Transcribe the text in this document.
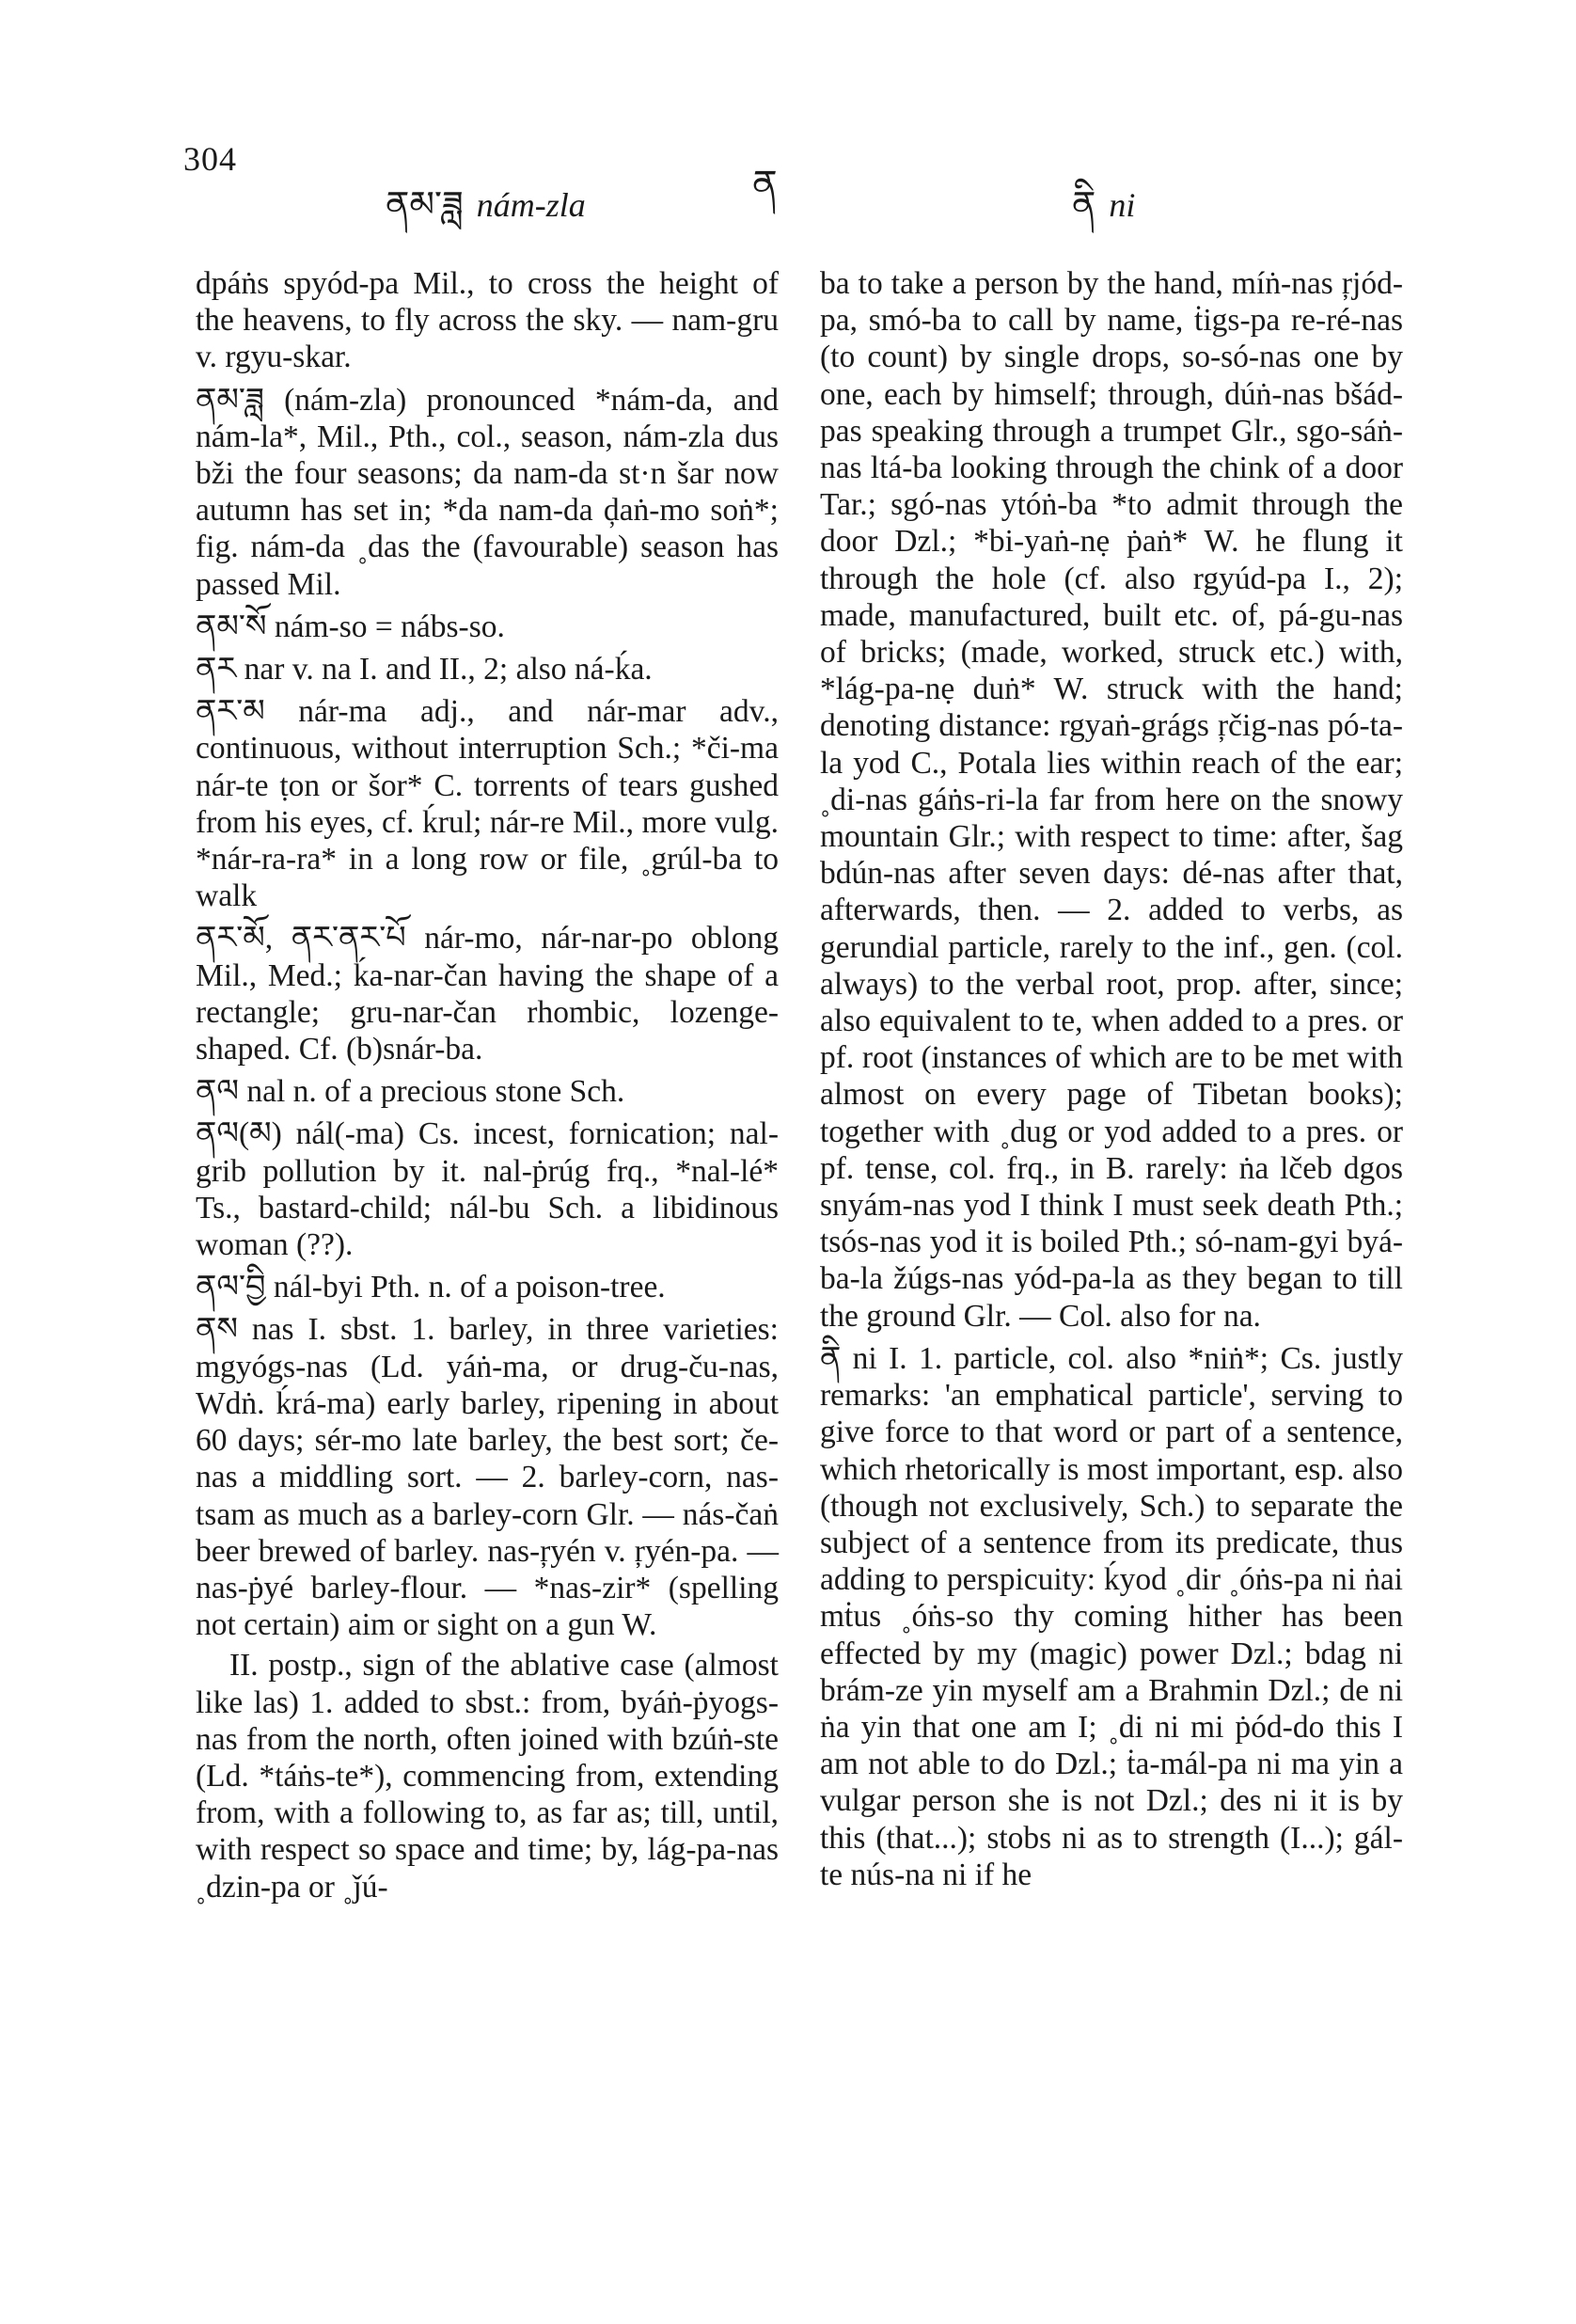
304
ནམ་ཟླ nám-zla	ན	ནི ni

dpáṅs spyód-pa Mil., to cross the height of the heavens, to fly across the sky. — nam-gru v. rgyu-skar.

ནམ་ཟླ (nám-zla) pronounced *nám-da, and nám-la*, Mil., Pth., col., season, nám-zla dus bži the four seasons; da nam-da st·n šar now autumn has set in; *da nam-da ḑaṅ-mo soṅ*; fig. nám-da ˳das the (favourable) season has passed Mil.

ནམ་སོ nám-so = nábs-so.

ནར nar v. na I. and II., 2; also ná-ḱa.

ནར་མ nár-ma adj., and nár-mar adv., continuous, without interruption Sch.; *či-ma nár-te ṭon or šor* C. torrents of tears gushed from his eyes, cf. ḱrul; nár-re Mil., more vulg. *nár-ra-ra* in a long row or file, ˳grúl-ba to walk

ནར་མོ, ནར་ནར་པོ nár-mo, nár-nar-po oblong Mil., Med.; ḱa-nar-čan having the shape of a rectangle; gru-nar-čan rhombic, lozenge-shaped. Cf. (b)snár-ba.

ནལ nal n. of a precious stone Sch.

ནལ(མ) nál(-ma) Cs. incest, fornication; nal-grib pollution by it. nal-ṗrúg frq., *nal-lé* Ts., bastard-child; nál-bu Sch. a libidinous woman (??).

ནལ་བྱི nál-byi Pth. n. of a poison-tree.

ནས nas I. sbst. 1. barley, in three varieties: mgyógs-nas (Ld. yáṅ-ma, or drug-ču-nas, Wdṅ. ḱrá-ma) early barley, ripening in about 60 days; sér-mo late barley, the best sort; če-nas a middling sort. — 2. barley-corn, nas-tsam as much as a barley-corn Glr. — nás-čaṅ beer brewed of barley. nas-ŗyén v. ŗyén-pa. — nas-ṗyé barley-flour. — *nas-zir* (spelling not certain) aim or sight on a gun W.

II. postp., sign of the ablative case (almost like las) 1. added to sbst.: from, byáṅ-ṗyogs-nas from the north, often joined with bzúṅ-ste (Ld. *táṅs-te*), commencing from, extending from, with a following to, as far as; till, until, with respect so space and time; by, lág-pa-nas ˳dzin-pa or ˳ǰú-

ba to take a person by the hand, míṅ-nas ŗjód-pa, smó-ba to call by name, ṫigs-pa re-ré-nas (to count) by single drops, so-só-nas one by one, each by himself; through, dúṅ-nas bšád-pas speaking through a trumpet Glr., sgo-sáṅ-nas ltá-ba looking through the chink of a door Tar.; sgó-nas ytóṅ-ba *to admit through the door Dzl.; *bi-yaṅ-nẹ ṗaṅ* W. he flung it through the hole (cf. also rgyúd-pa I., 2); made, manufactured, built etc. of, pá-gu-nas of bricks; (made, worked, struck etc.) with, *lág-pa-nẹ duṅ* W. struck with the hand; denoting distance: rgyaṅ-grágs ŗčig-nas pó-ta-la yod C., Potala lies within reach of the ear; ˳di-nas gáṅs-ri-la far from here on the snowy mountain Glr.; with respect to time: after, šag bdún-nas after seven days: dé-nas after that, afterwards, then. — 2. added to verbs, as gerundial particle, rarely to the inf., gen. (col. always) to the verbal root, prop. after, since; also equivalent to te, when added to a pres. or pf. root (instances of which are to be met with almost on every page of Tibetan books); together with ˳dug or yod added to a pres. or pf. tense, col. frq., in B. rarely: ṅa lčeb dgos snyám-nas yod I think I must seek death Pth.; tsós-nas yod it is boiled Pth.; só-nam-gyi byá-ba-la žúgs-nas yód-pa-la as they began to till the ground Glr. — Col. also for na.

ནི ni I. 1. particle, col. also *niṅ*; Cs. justly remarks: 'an emphatical particle', serving to give force to that word or part of a sentence, which rhetorically is most important, esp. also (though not exclusively, Sch.) to separate the subject of a sentence from its predicate, thus adding to perspicuity: ḱyod ˳dir ˳óṅs-pa ni ṅai mṫus ˳óṅs-so thy coming hither has been effected by my (magic) power Dzl.; bdag ni brám-ze yin myself am a Brahmin Dzl.; de ni ṅa yin that one am I; ˳di ni mi ṗód-do this I am not able to do Dzl.; ṫa-mál-pa ni ma yin a vulgar person she is not Dzl.; des ni it is by this (that...); stobs ni as to strength (I...); gál-te nús-na ni if he
